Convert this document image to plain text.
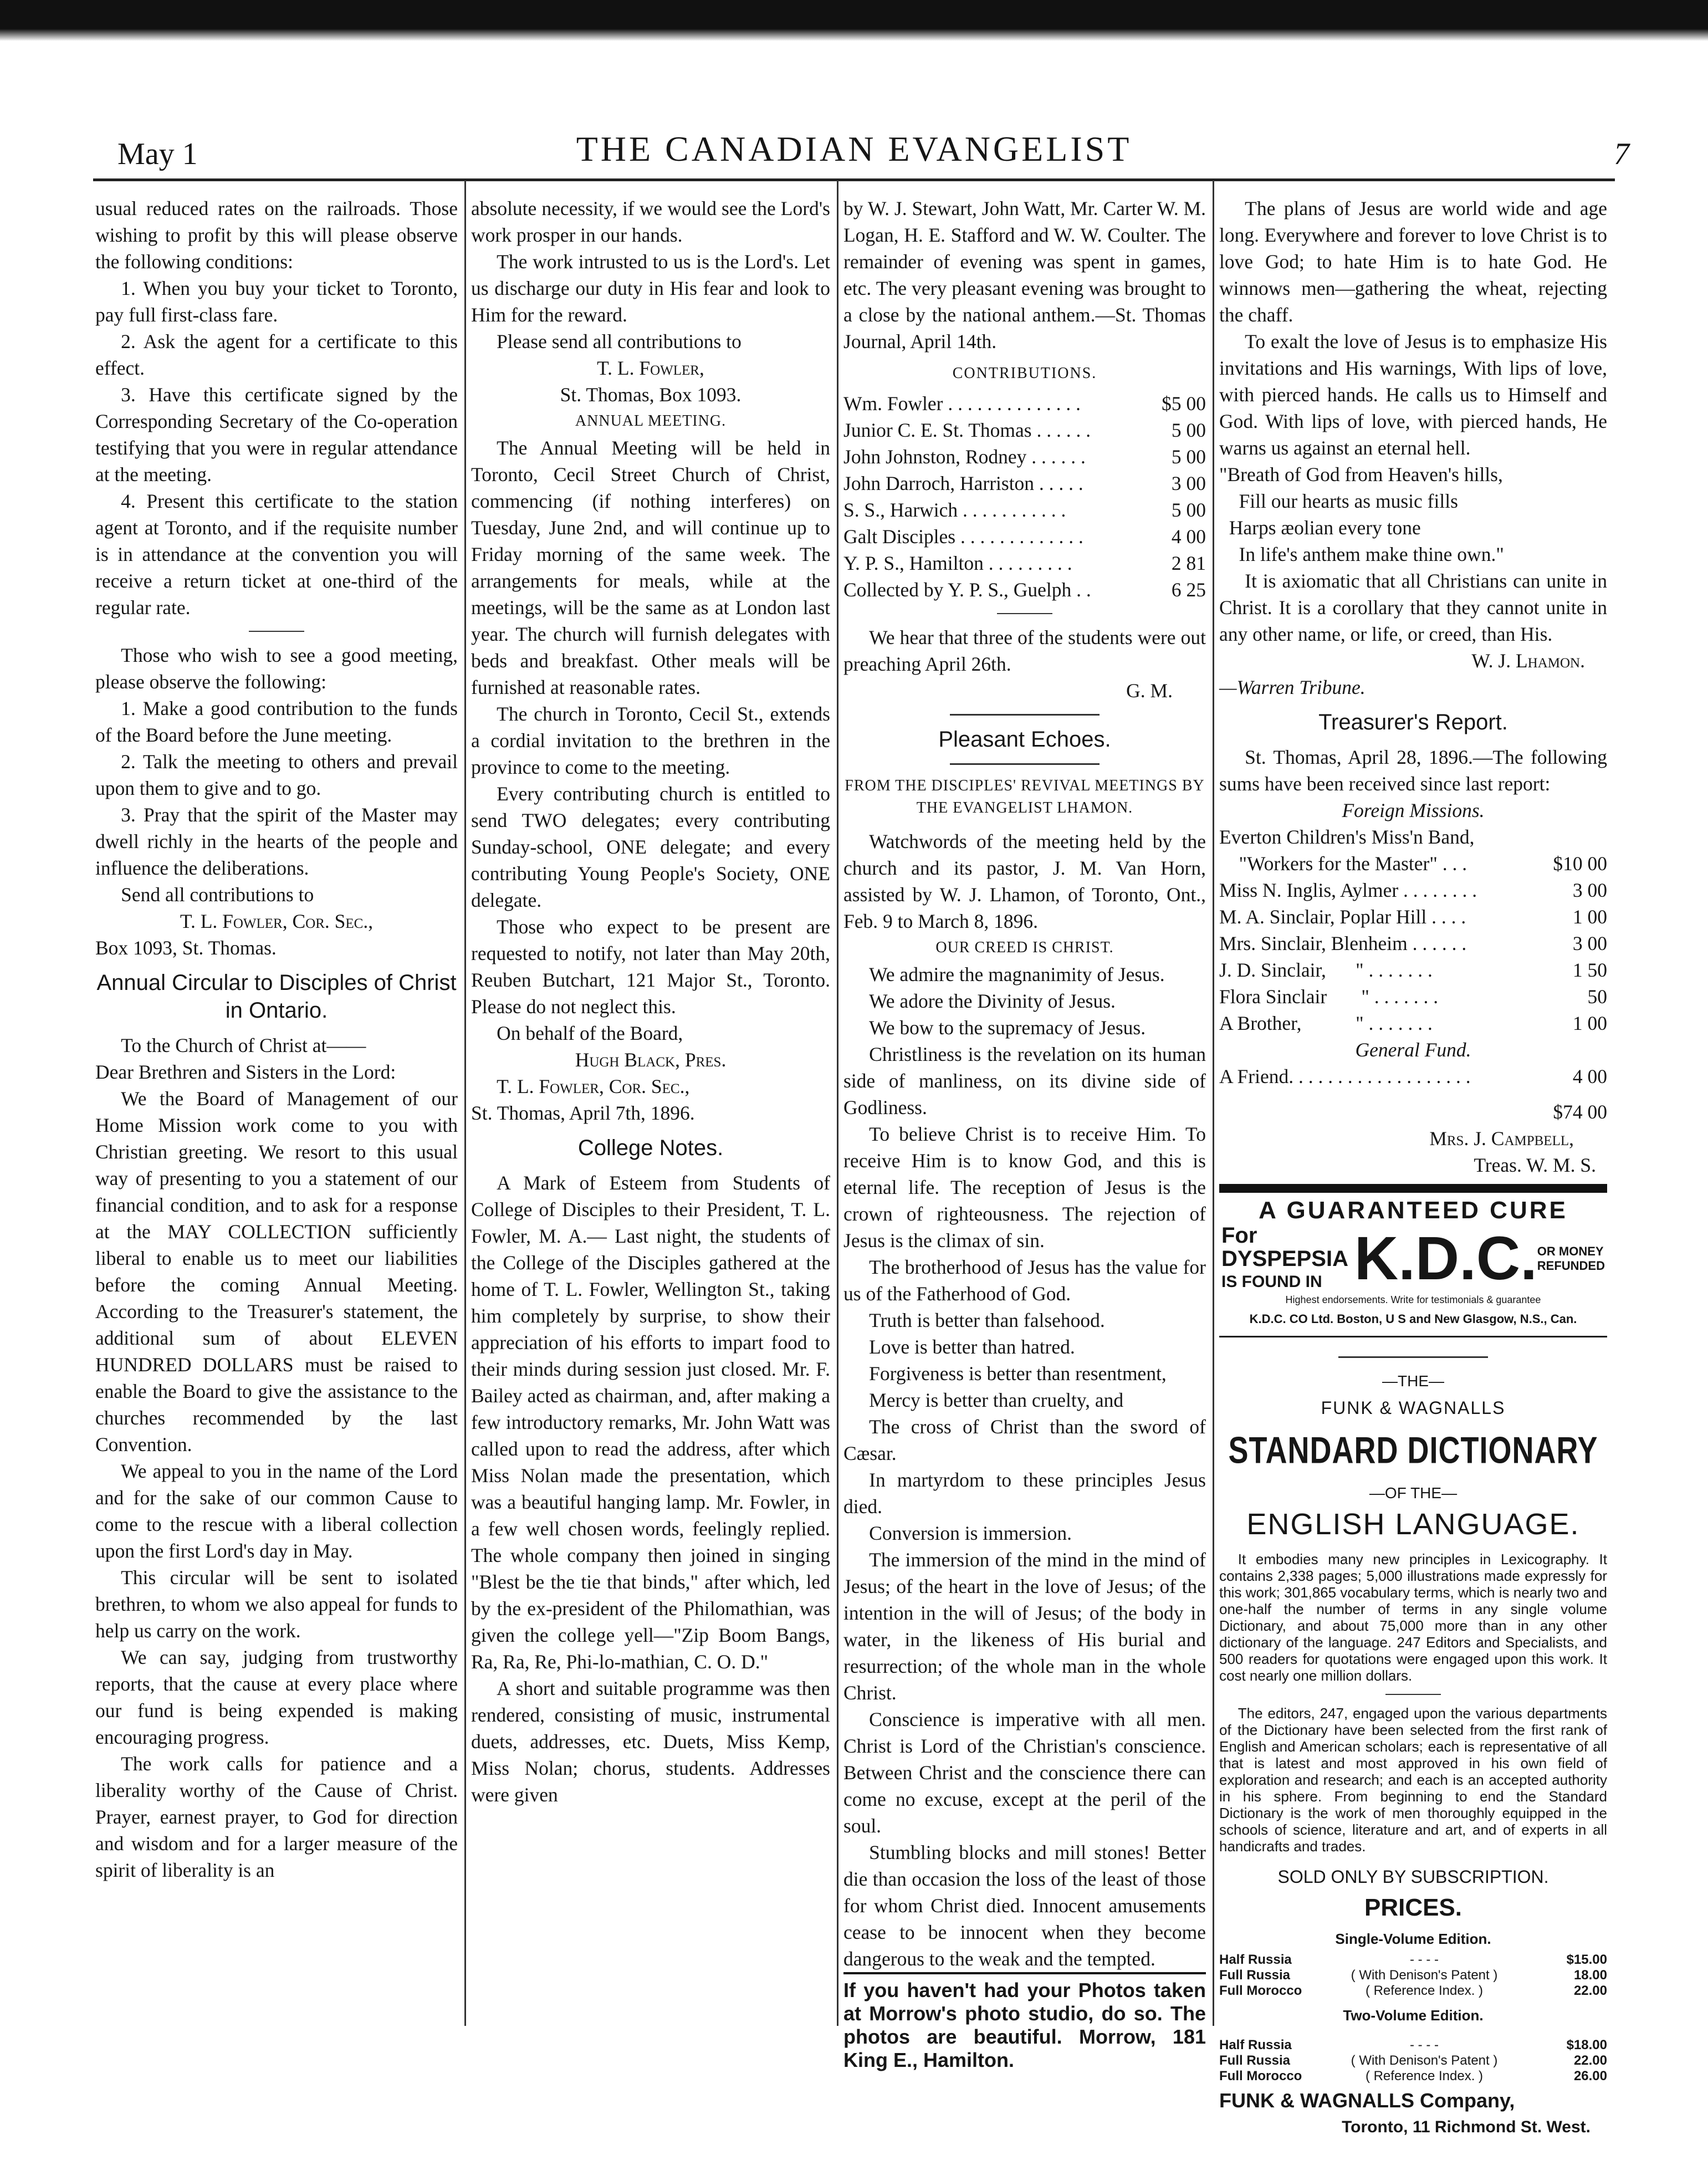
May 1	THE CANADIAN EVANGELIST	7

usual reduced rates on the railroads. Those wishing to profit by this will please observe the following conditions:

1. When you buy your ticket to Toronto, pay full first-class fare.

2. Ask the agent for a certificate to this effect.

3. Have this certificate signed by the Corresponding Secretary of the Co-operation testifying that you were in regular attendance at the meeting.

4. Present this certificate to the station agent at Toronto, and if the requisite number is in attendance at the convention you will receive a return ticket at one-third of the regular rate.

Those who wish to see a good meeting, please observe the following:

1. Make a good contribution to the funds of the Board before the June meeting.

2. Talk the meeting to others and prevail upon them to give and to go.

3. Pray that the spirit of the Master may dwell richly in the hearts of the people and influence the deliberations.

Send all contributions to

T. L. Fowler, Cor. Sec.,

Box 1093, St. Thomas.

Annual Circular to Disciples of Christ in Ontario.

To the Church of Christ at——

Dear Brethren and Sisters in the Lord:

We the Board of Management of our Home Mission work come to you with Christian greeting. We resort to this usual way of presenting to you a statement of our financial condition, and to ask for a response at the MAY COLLECTION sufficiently liberal to enable us to meet our liabilities before the coming Annual Meeting. According to the Treasurer's statement, the additional sum of about ELEVEN HUNDRED DOLLARS must be raised to enable the Board to give the assistance to the churches recommended by the last Convention.

We appeal to you in the name of the Lord and for the sake of our common Cause to come to the rescue with a liberal collection upon the first Lord's day in May.

This circular will be sent to isolated brethren, to whom we also appeal for funds to help us carry on the work.

We can say, judging from trustworthy reports, that the cause at every place where our fund is being expended is making encouraging progress.

The work calls for patience and a liberality worthy of the Cause of Christ. Prayer, earnest prayer, to God for direction and wisdom and for a larger measure of the spirit of liberality is an

absolute necessity, if we would see the Lord's work prosper in our hands.

The work intrusted to us is the Lord's. Let us discharge our duty in His fear and look to Him for the reward.

Please send all contributions to

T. L. Fowler,

St. Thomas, Box 1093.

ANNUAL MEETING.

The Annual Meeting will be held in Toronto, Cecil Street Church of Christ, commencing (if nothing interferes) on Tuesday, June 2nd, and will continue up to Friday morning of the same week. The arrangements for meals, while at the meetings, will be the same as at London last year. The church will furnish delegates with beds and breakfast. Other meals will be furnished at reasonable rates.

The church in Toronto, Cecil St., extends a cordial invitation to the brethren in the province to come to the meeting.

Every contributing church is entitled to send TWO delegates; every contributing Sunday-school, ONE delegate; and every contributing Young People's Society, ONE delegate.

Those who expect to be present are requested to notify, not later than May 20th, Reuben Butchart, 121 Major St., Toronto. Please do not neglect this.

On behalf of the Board,

Hugh Black, Pres.

T. L. Fowler, Cor. Sec.,

St. Thomas, April 7th, 1896.

College Notes.

A Mark of Esteem from Students of College of Disciples to their President, T. L. Fowler, M. A.— Last night, the students of the College of the Disciples gathered at the home of T. L. Fowler, Wellington St., taking him completely by surprise, to show their appreciation of his efforts to impart food to their minds during session just closed. Mr. F. Bailey acted as chairman, and, after making a few introductory remarks, Mr. John Watt was called upon to read the address, after which Miss Nolan made the presentation, which was a beautiful hanging lamp. Mr. Fowler, in a few well chosen words, feelingly replied. The whole company then joined in singing "Blest be the tie that binds," after which, led by the ex-president of the Philomathian, was given the college yell—"Zip Boom Bangs, Ra, Ra, Re, Phi-lo-mathian, C. O. D."

A short and suitable programme was then rendered, consisting of music, instrumental duets, addresses, etc. Duets, Miss Kemp, Miss Nolan; chorus, students. Addresses were given

by W. J. Stewart, John Watt, Mr. Carter W. M. Logan, H. E. Stafford and W. W. Coulter. The remainder of evening was spent in games, etc. The very pleasant evening was brought to a close by the national anthem.—St. Thomas Journal, April 14th.

CONTRIBUTIONS.

Wm. Fowler . . . . . . . . . . . . . .	$5 00
Junior C. E. St. Thomas . . . . . .	5 00
John Johnston, Rodney . . . . . .	5 00
John Darroch, Harriston . . . . .	3 00
S. S., Harwich . . . . . . . . . . .	5 00
Galt Disciples . . . . . . . . . . . . .	4 00
Y. P. S., Hamilton . . . . . . . . .	2 81
Collected by Y. P. S., Guelph . .	6 25

We hear that three of the students were out preaching April 26th.

G. M.

Pleasant Echoes.

FROM THE DISCIPLES' REVIVAL MEETINGS BY THE EVANGELIST LHAMON.

Watchwords of the meeting held by the church and its pastor, J. M. Van Horn, assisted by W. J. Lhamon, of Toronto, Ont., Feb. 9 to March 8, 1896.

OUR CREED IS CHRIST.

We admire the magnanimity of Jesus.

We adore the Divinity of Jesus.

We bow to the supremacy of Jesus.

Christliness is the revelation on its human side of manliness, on its divine side of Godliness.

To believe Christ is to receive Him. To receive Him is to know God, and this is eternal life. The reception of Jesus is the crown of righteousness. The rejection of Jesus is the climax of sin.

The brotherhood of Jesus has the value for us of the Fatherhood of God.

Truth is better than falsehood.

Love is better than hatred.

Forgiveness is better than resentment,

Mercy is better than cruelty, and

The cross of Christ than the sword of Cæsar.

In martyrdom to these principles Jesus died.

Conversion is immersion.

The immersion of the mind in the mind of Jesus; of the heart in the love of Jesus; of the intention in the will of Jesus; of the body in water, in the likeness of His burial and resurrection; of the whole man in the whole Christ.

Conscience is imperative with all men. Christ is Lord of the Christian's conscience. Between Christ and the conscience there can come no excuse, except at the peril of the soul.

Stumbling blocks and mill stones! Better die than occasion the loss of the least of those for whom Christ died. Innocent amusements cease to be innocent when they become dangerous to the weak and the tempted.

If you haven't had your Photos taken at Morrow's photo studio, do so. The photos are beautiful. Morrow, 181 King E., Hamilton.

The plans of Jesus are world wide and age long. Everywhere and forever to love Christ is to love God; to hate Him is to hate God. He winnows men—gathering the wheat, rejecting the chaff.

To exalt the love of Jesus is to emphasize His invitations and His warnings, With lips of love, with pierced hands. He calls us to Himself and God. With lips of love, with pierced hands, He warns us against an eternal hell.

"Breath of God from Heaven's hills,

Fill our hearts as music fills

Harps æolian every tone

In life's anthem make thine own."

It is axiomatic that all Christians can unite in Christ. It is a corollary that they cannot unite in any other name, or life, or creed, than His.

W. J. Lhamon.

—Warren Tribune.

Treasurer's Report.

St. Thomas, April 28, 1896.—The following sums have been received since last report:

Foreign Missions.

Everton Children's Miss'n Band,
"Workers for the Master" . . .	$10 00
Miss N. Inglis, Aylmer . . . . . . . .	3 00
M. A. Sinclair, Poplar Hill . . . .	1 00
Mrs. Sinclair, Blenheim . . . . . .	3 00
J. D. Sinclair,      " . . . . . . .	1 50
Flora Sinclair       " . . . . . . .	50
A Brother,           " . . . . . . .	1 00

General Fund.

A Friend. . . . . . . . . . . . . . . . . . .	4 00

$74 00

Mrs. J. Campbell,

Treas. W. M. S.

A GUARANTEED CURE
For DYSPEPSIA
IS FOUND IN K.D.C. OR MONEY
REFUNDED
Highest endorsements. Write for testimonials & guarantee
K.D.C. CO Ltd. Boston, U S and New Glasgow, N.S., Can.

—THE—

FUNK & WAGNALLS

STANDARD DICTIONARY

—OF THE—

ENGLISH LANGUAGE.

It embodies many new principles in Lexicography. It contains 2,338 pages; 5,000 illustrations made expressly for this work; 301,865 vocabulary terms, which is nearly two and one-half the number of terms in any single volume Dictionary, and about 75,000 more than in any other dictionary of the language. 247 Editors and Specialists, and 500 readers for quotations were engaged upon this work. It cost nearly one million dollars.

The editors, 247, engaged upon the various departments of the Dictionary have been selected from the first rank of English and American scholars; each is representative of all that is latest and most approved in his own field of exploration and research; and each is an accepted authority in his sphere. From beginning to end the Standard Dictionary is the work of men thoroughly equipped in the schools of science, literature and art, and of experts in all handicrafts and trades.

SOLD ONLY BY SUBSCRIPTION.

PRICES.

Single-Volume Edition.

Half Russia	- - - -	$15.00
Full Russia	( With Denison's Patent )	18.00
Full Morocco	( Reference Index. )	22.00

Two-Volume Edition.

Half Russia	- - - -	$18.00
Full Russia	( With Denison's Patent )	22.00
Full Morocco	( Reference Index. )	26.00

FUNK & WAGNALLS Company,

Toronto, 11 Richmond St. West.
